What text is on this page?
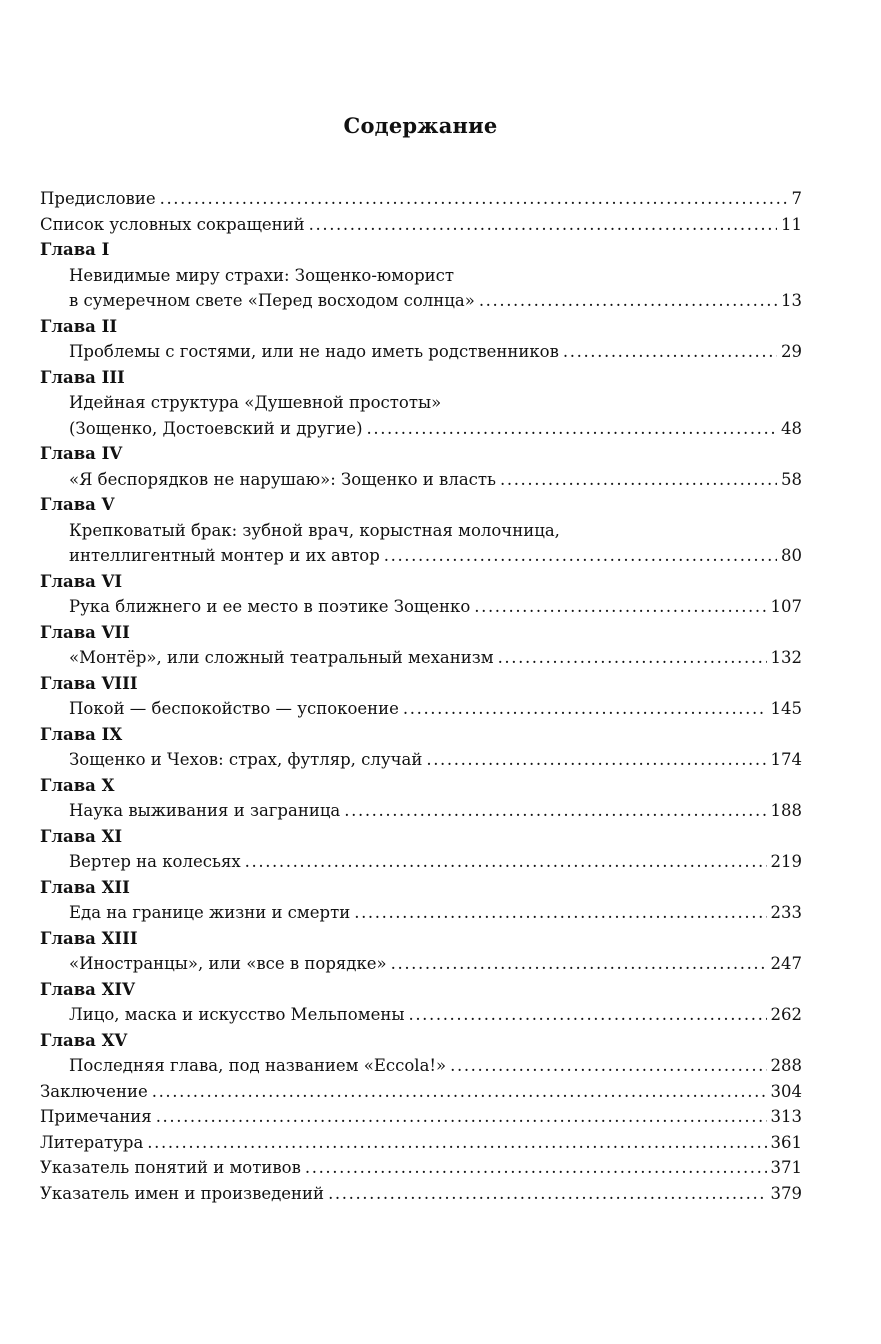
Содержание
Предисловие .....	7
Список условных сокращений .....	11
Глава I
Невидимые миру страхи: Зощенко-юморист
в сумеречном свете «Перед восходом солнца» .....	13
Глава II
Проблемы с гостями, или не надо иметь родственников .....	29
Глава III
Идейная структура «Душевной простоты»
(Зощенко, Достоевский и другие) .....	48
Глава IV
«Я беспорядков не нарушаю»: Зощенко и власть .....	58
Глава V
Крепковатый брак: зубной врач, корыстная молочница,
интеллигентный монтер и их автор .....	80
Глава VI
Рука ближнего и ее место в поэтике Зощенко .....	107
Глава VII
«Монтёр», или сложный театральный механизм .....	132
Глава VIII
Покой — беспокойство — успокоение .....	145
Глава IX
Зощенко и Чехов: страх, футляр, случай .....	174
Глава X
Наука выживания и заграница .....	188
Глава XI
Вертер на колесьях .....	219
Глава XII
Еда на границе жизни и смерти .....	233
Глава XIII
«Иностранцы», или «все в порядке» .....	247
Глава XIV
Лицо, маска и искусство Мельпомены .....	262
Глава XV
Последняя глава, под названием «Eccola!» .....	288
Заключение .....	304
Примечания .....	313
Литература .....	361
Указатель понятий и мотивов .....	371
Указатель имен и произведений .....	379
